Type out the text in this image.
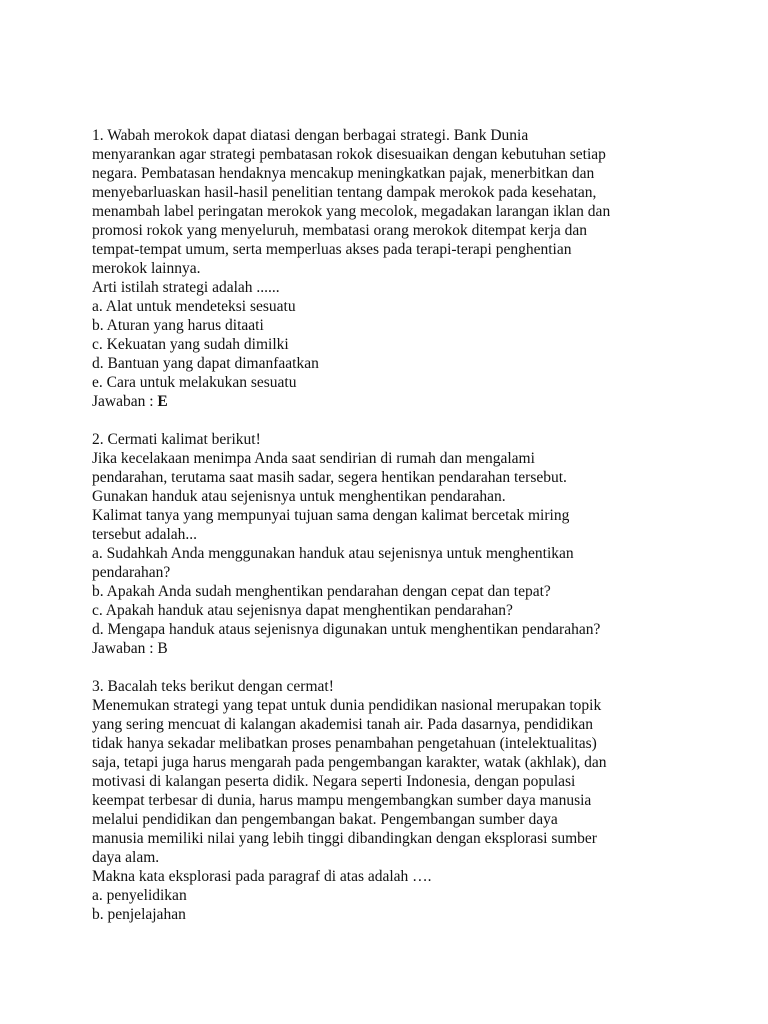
1. Wabah merokok dapat diatasi dengan berbagai strategi. Bank Dunia
menyarankan agar strategi pembatasan rokok disesuaikan dengan kebutuhan setiap
negara. Pembatasan hendaknya mencakup meningkatkan pajak, menerbitkan dan
menyebarluaskan hasil-hasil penelitian tentang dampak merokok pada kesehatan,
menambah label peringatan merokok yang mecolok, megadakan larangan iklan dan
promosi rokok yang menyeluruh, membatasi orang merokok ditempat kerja dan
tempat-tempat umum, serta memperluas akses pada terapi-terapi penghentian
merokok lainnya.
Arti istilah strategi adalah ......
a. Alat untuk mendeteksi sesuatu
b. Aturan yang harus ditaati
c. Kekuatan yang sudah dimilki
d. Bantuan yang dapat dimanfaatkan
e. Cara untuk melakukan sesuatu
Jawaban : E
2. Cermati kalimat berikut!
Jika kecelakaan menimpa Anda saat sendirian di rumah dan mengalami
pendarahan, terutama saat masih sadar, segera hentikan pendarahan tersebut.
Gunakan handuk atau sejenisnya untuk menghentikan pendarahan.
Kalimat tanya yang mempunyai tujuan sama dengan kalimat bercetak miring
tersebut adalah...
a. Sudahkah Anda menggunakan handuk atau sejenisnya untuk menghentikan
pendarahan?
b. Apakah Anda sudah menghentikan pendarahan dengan cepat dan tepat?
c. Apakah handuk atau sejenisnya dapat menghentikan pendarahan?
d. Mengapa handuk ataus sejenisnya digunakan untuk menghentikan pendarahan?
Jawaban : B
3. Bacalah teks berikut dengan cermat!
Menemukan strategi yang tepat untuk dunia pendidikan nasional merupakan topik
yang sering mencuat di kalangan akademisi tanah air. Pada dasarnya, pendidikan
tidak hanya sekadar melibatkan proses penambahan pengetahuan (intelektualitas)
saja, tetapi juga harus mengarah pada pengembangan karakter, watak (akhlak), dan
motivasi di kalangan peserta didik. Negara seperti Indonesia, dengan populasi
keempat terbesar di dunia, harus mampu mengembangkan sumber daya manusia
melalui pendidikan dan pengembangan bakat. Pengembangan sumber daya
manusia memiliki nilai yang lebih tinggi dibandingkan dengan eksplorasi sumber
daya alam.
Makna kata eksplorasi pada paragraf di atas adalah ….
a. penyelidikan
b. penjelajahan
